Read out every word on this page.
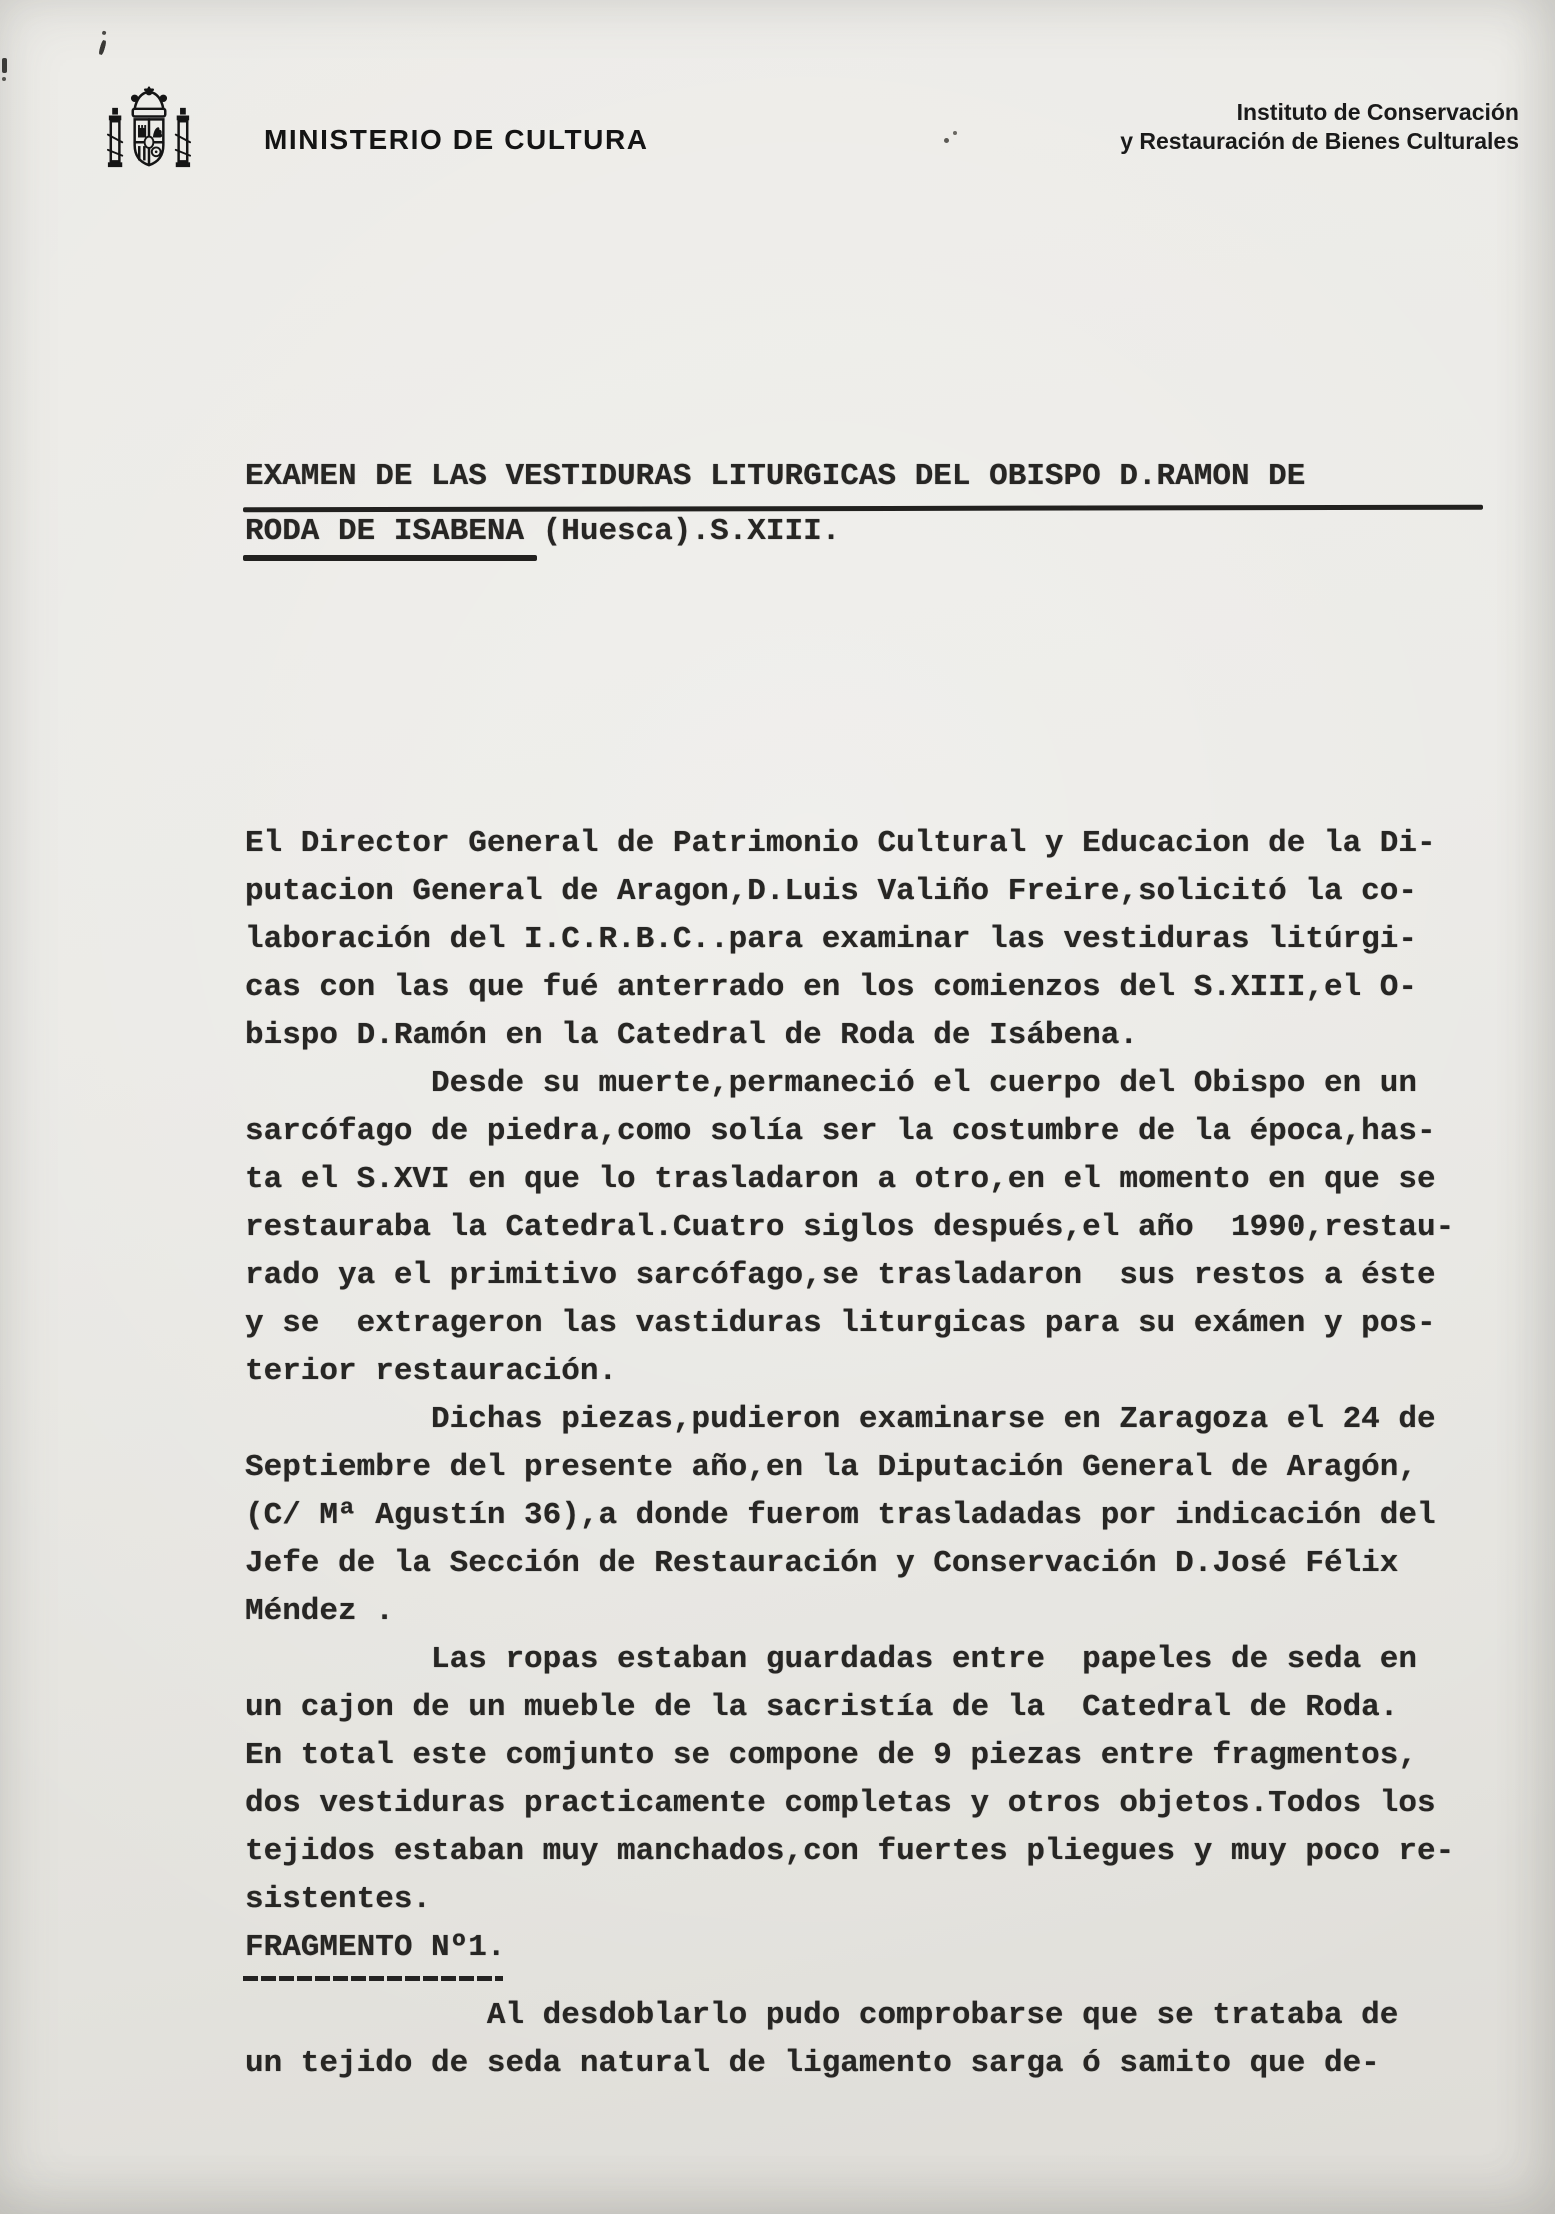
MINISTERIO DE CULTURA
Instituto de Conservación
y Restauración de Bienes Culturales
EXAMEN DE LAS VESTIDURAS LITURGICAS DEL OBISPO D.RAMON DE
RODA DE ISABENA (Huesca).S.XIII.
El Director General de Patrimonio Cultural y Educacion de la Di-
putacion General de Aragon,D.Luis Valiño Freire,solicitó la co-
laboración del I.C.R.B.C..para examinar las vestiduras litúrgi-
cas con las que fué anterrado en los comienzos del S.XIII,el O-
bispo D.Ramón en la Catedral de Roda de Isábena.
Desde su muerte,permaneció el cuerpo del Obispo en un
sarcófago de piedra,como solía ser la costumbre de la época,has-
ta el S.XVI en que lo trasladaron a otro,en el momento en que se
restauraba la Catedral.Cuatro siglos después,el año  1990,restau-
rado ya el primitivo sarcófago,se trasladaron  sus restos a éste
y se  extrageron las vastiduras liturgicas para su exámen y pos-
terior restauración.
Dichas piezas,pudieron examinarse en Zaragoza el 24 de
Septiembre del presente año,en la Diputación General de Aragón,
(C/ Mª Agustín 36),a donde fuerom trasladadas por indicación del
Jefe de la Sección de Restauración y Conservación D.José Félix
Méndez .
Las ropas estaban guardadas entre  papeles de seda en
un cajon de un mueble de la sacristía de la  Catedral de Roda.
En total este comjunto se compone de 9 piezas entre fragmentos,
dos vestiduras practicamente completas y otros objetos.Todos los
tejidos estaban muy manchados,con fuertes pliegues y muy poco re-
sistentes.
FRAGMENTO Nº1.
Al desdoblarlo pudo comprobarse que se trataba de
un tejido de seda natural de ligamento sarga ó samito que de-
